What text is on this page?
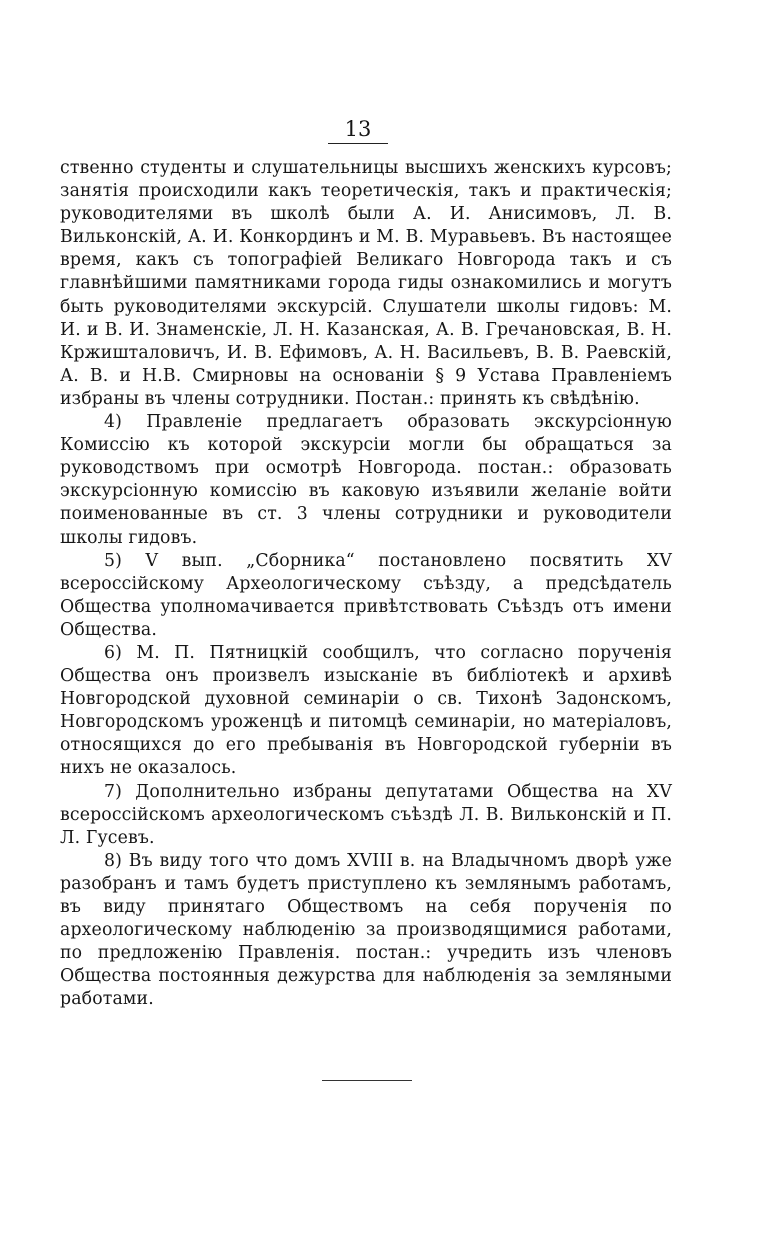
13

ственно студенты и слушательницы высшихъ женскихъ курсовъ; занятія происходили какъ теоретическія, такъ и практическія; руководителями въ школѣ были А. И. Анисимовъ, Л. В. Вильконскій, А. И. Конкординъ и М. В. Муравьевъ. Въ настоящее время, какъ съ топографіей Великаго Новгорода такъ и съ главнѣйшими памятниками города гиды ознакомились и могутъ быть руководителями экскурсій. Слушатели школы гидовъ: М. И. и В. И. Знаменскіе, Л. Н. Казанская, А. В. Гречановская, В. Н. Кржишталовичъ, И. В. Ефимовъ, А. Н. Васильевъ, В. В. Раевскій, А. В. и Н.В. Смирновы на основаніи § 9 Устава Правленіемъ избраны въ члены сотрудники. Постан.: принять къ свѣдѣнію.

4) Правленіе предлагаетъ образовать экскурсіонную Комиссію къ которой экскурсіи могли бы обращаться за руководствомъ при осмотрѣ Новгорода. постан.: образовать экскурсіонную комиссію въ каковую изъявили желаніе войти поименованные въ ст. 3 члены сотрудники и руководители школы гидовъ.

5) V вып. „Сборника“ постановлено посвятить XV всероссійскому Археологическому съѣзду, а предсѣдатель Общества уполномачивается привѣтствовать Съѣздъ отъ имени Общества.

6) М. П. Пятницкій сообщилъ, что согласно порученія Общества онъ произвелъ изысканіе въ библіотекѣ и архивѣ Новгородской духовной семинаріи о св. Тихонѣ Задонскомъ, Новгородскомъ уроженцѣ и питомцѣ семинаріи, но матеріаловъ, относящихся до его пребыванія въ Новгородской губерніи въ нихъ не оказалось.

7) Дополнительно избраны депутатами Общества на XV всероссійскомъ археологическомъ съѣздѣ Л. В. Вильконскій и П. Л. Гусевъ.

8) Въ виду того что домъ XVIII в. на Владычномъ дворѣ уже разобранъ и тамъ будетъ приступлено къ землянымъ работамъ, въ виду принятаго Обществомъ на себя порученія по археологическому наблюденію за производящимися работами, по предложенію Правленія. постан.: учредить изъ членовъ Общества постоянныя дежурства для наблюденія за земляными работами.
